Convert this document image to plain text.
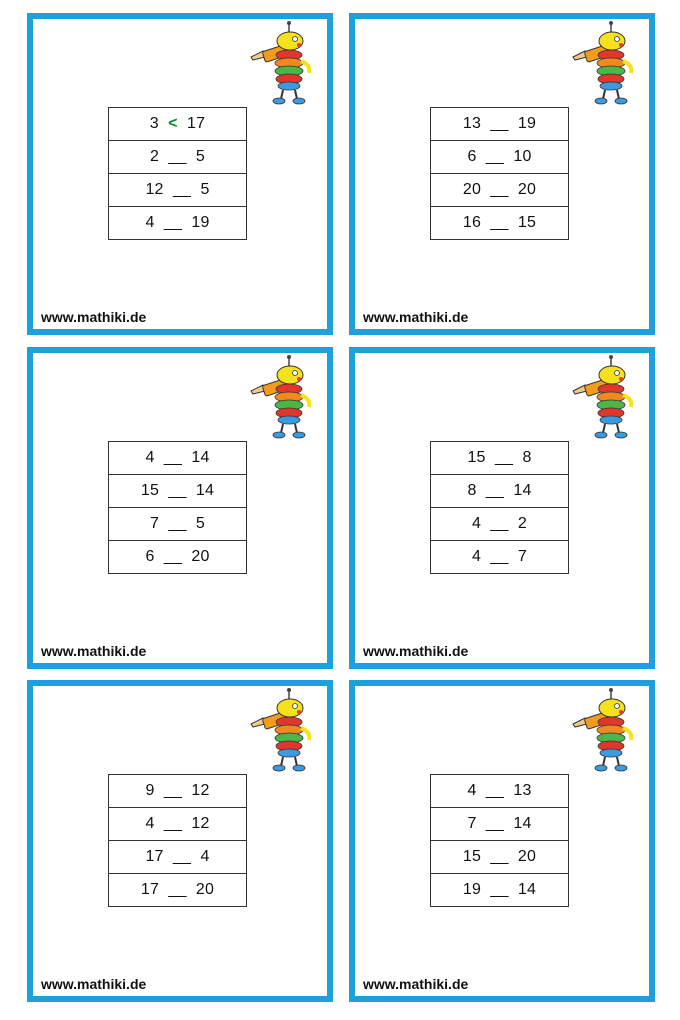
3 < 17
2 __ 5
12 __ 5
4 __ 19
www.mathiki.de
13 __ 19
6 __ 10
20 __ 20
16 __ 15
www.mathiki.de
4 __ 14
15 __ 14
7 __ 5
6 __ 20
www.mathiki.de
15 __ 8
8 __ 14
4 __ 2
4 __ 7
www.mathiki.de
9 __ 12
4 __ 12
17 __ 4
17 __ 20
www.mathiki.de
4 __ 13
7 __ 14
15 __ 20
19 __ 14
www.mathiki.de
